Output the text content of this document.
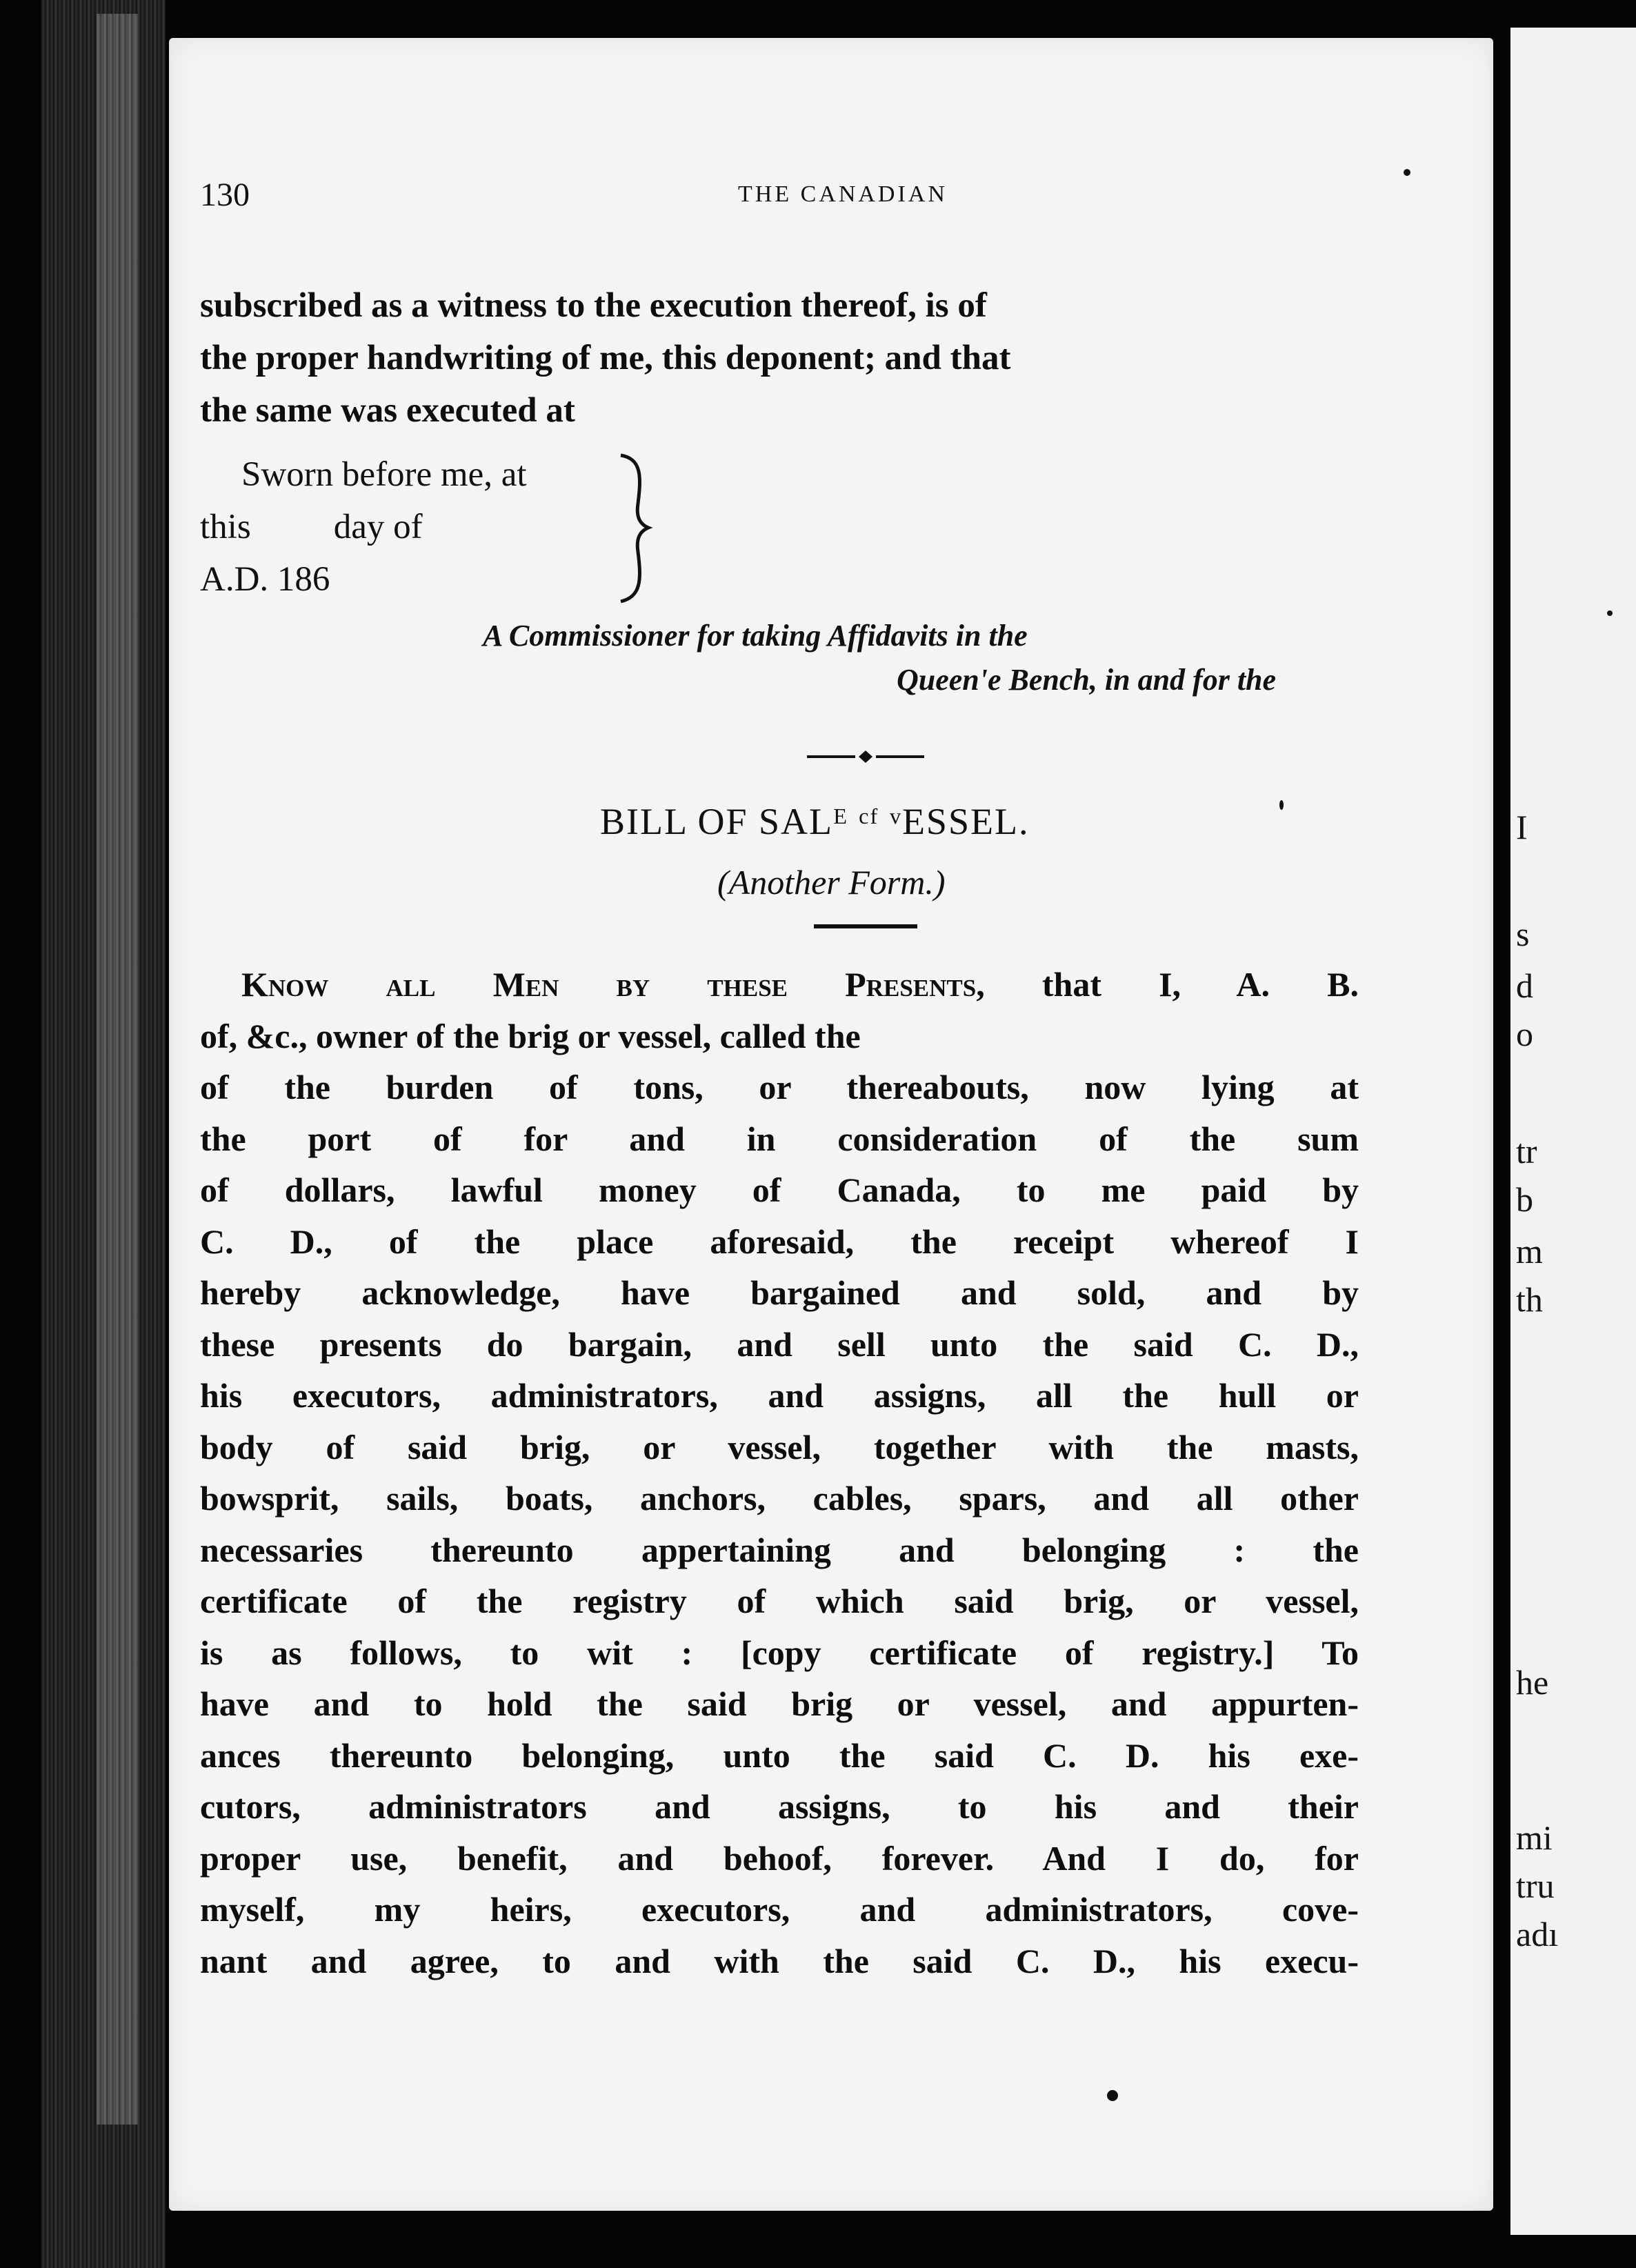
I
s
d
o
tr
b
m
th
he
mi
tru
adı
130	THE CANADIAN
subscribed as a witness to the execution thereof, is of
the proper handwriting of me, this deponent; and that
the same was executed at
Sworn before me, at
this day of
A.D. 186
A Commissioner for taking Affidavits in the
Queen'e Bench, in and for the
BILL OF SALᴱ ᶜᶠ ᵛESSEL.
(Another Form.)
Know all Men by these Presents, that I, A. B.
of, &c., owner of the brig or vessel, called the
of the burden of tons, or thereabouts, now lying at
the port of for and in consideration of the sum
of dollars, lawful money of Canada, to me paid by
C. D., of the place aforesaid, the receipt whereof I
hereby acknowledge, have bargained and sold, and by
these presents do bargain, and sell unto the said C. D.,
his executors, administrators, and assigns, all the hull or
body of said brig, or vessel, together with the masts,
bowsprit, sails, boats, anchors, cables, spars, and all other
necessaries thereunto appertaining and belonging : the
certificate of the registry of which said brig, or vessel,
is as follows, to wit : [copy certificate of registry.] To
have and to hold the said brig or vessel, and appurten-
ances thereunto belonging, unto the said C. D. his exe-
cutors, administrators and assigns, to his and their
proper use, benefit, and behoof, forever. And I do, for
myself, my heirs, executors, and administrators, cove-
nant and agree, to and with the said C. D., his execu-
